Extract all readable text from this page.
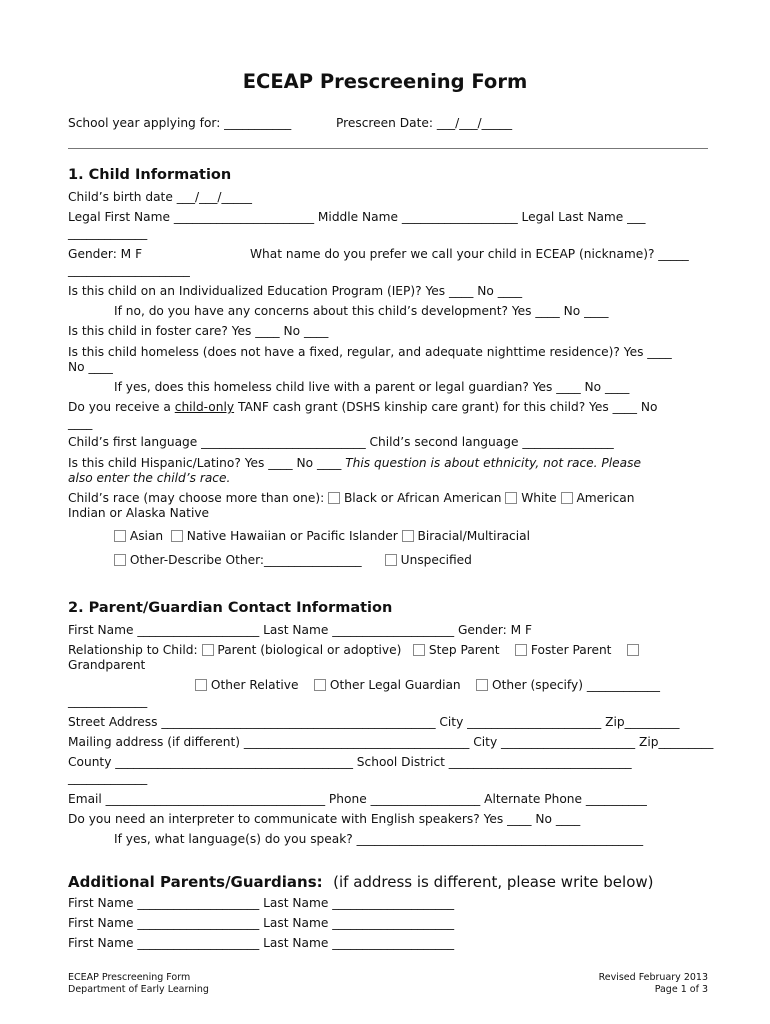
ECEAP Prescreening Form
School year applying for: ___________	Prescreen Date: ___/___/_____
1. Child Information
Child’s birth date ___/___/_____
Legal First Name _______________________ Middle Name ___________________ Legal Last Name ___
_____________
Gender: M F	What name do you prefer we call your child in ECEAP (nickname)? _____
____________________
Is this child on an Individualized Education Program (IEP)? Yes ____ No ____
If no, do you have any concerns about this child’s development? Yes ____ No ____
Is this child in foster care? Yes ____ No ____
Is this child homeless (does not have a fixed, regular, and adequate nighttime residence)? Yes ____
No ____
If yes, does this homeless child live with a parent or legal guardian? Yes ____ No ____
Do you receive a child-only TANF cash grant (DSHS kinship care grant) for this child? Yes ____ No
____
Child’s first language ___________________________ Child’s second language _______________
Is this child Hispanic/Latino? Yes ____ No ____ This question is about ethnicity, not race. Please
also enter the child’s race.
Child’s race (may choose more than one): Black or African American White American
Indian or Alaska Native
Asian Native Hawaiian or Pacific Islander Biracial/Multiracial
Other-Describe Other:________________	Unspecified
2. Parent/Guardian Contact Information
First Name ____________________ Last Name ____________________ Gender: M F
Relationship to Child: Parent (biological or adoptive) Step Parent	Foster Parent
Grandparent
Other Relative	Other Legal Guardian	Other (specify) ____________
_____________
Street Address _____________________________________________ City ______________________ Zip_________
Mailing address (if different) _____________________________________ City ______________________ Zip_________
County _______________________________________ School District ______________________________
_____________
Email ____________________________________ Phone __________________ Alternate Phone __________
Do you need an interpreter to communicate with English speakers? Yes ____ No ____
If yes, what language(s) do you speak? _______________________________________________
Additional Parents/Guardians: (if address is different, please write below)
First Name ____________________ Last Name ____________________
First Name ____________________ Last Name ____________________
First Name ____________________ Last Name ____________________
ECEAP Prescreening Form
Department of Early Learning
Revised February 2013
Page 1 of 3
